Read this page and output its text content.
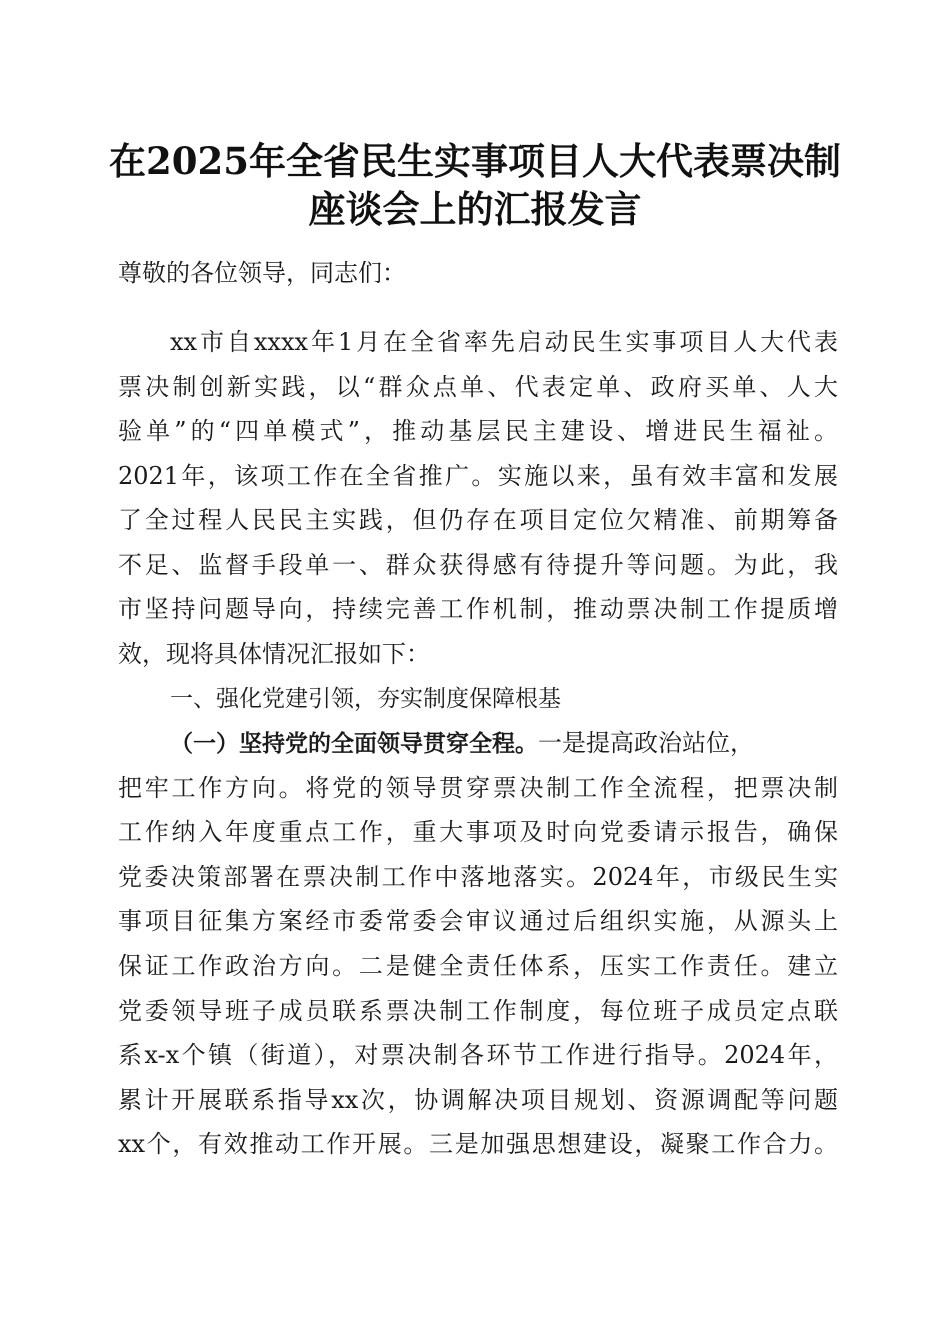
在2025年全省民生实事项目人大代表票决制
座谈会上的汇报发言

尊敬的各位领导，同志们：

xx市自xxxx年1月在全省率先启动民生实事项目人大代表

票决制创新实践，以“群众点单、代表定单、政府买单、人大

验单”的“四单模式”，推动基层民主建设、增进民生福祉。

2021年，该项工作在全省推广。实施以来，虽有效丰富和发展

了全过程人民民主实践，但仍存在项目定位欠精准、前期筹备

不足、监督手段单一、群众获得感有待提升等问题。为此，我

市坚持问题导向，持续完善工作机制，推动票决制工作提质增

效，现将具体情况汇报如下：

一、强化党建引领，夯实制度保障根基

（一）坚持党的全面领导贯穿全程。一是提高政治站位，

把牢工作方向。将党的领导贯穿票决制工作全流程，把票决制

工作纳入年度重点工作，重大事项及时向党委请示报告，确保

党委决策部署在票决制工作中落地落实。2024年，市级民生实

事项目征集方案经市委常委会审议通过后组织实施，从源头上

保证工作政治方向。二是健全责任体系，压实工作责任。建立

党委领导班子成员联系票决制工作制度，每位班子成员定点联

系x-x个镇（街道），对票决制各环节工作进行指导。2024年，

累计开展联系指导xx次，协调解决项目规划、资源调配等问题

xx个，有效推动工作开展。三是加强思想建设，凝聚工作合力。
